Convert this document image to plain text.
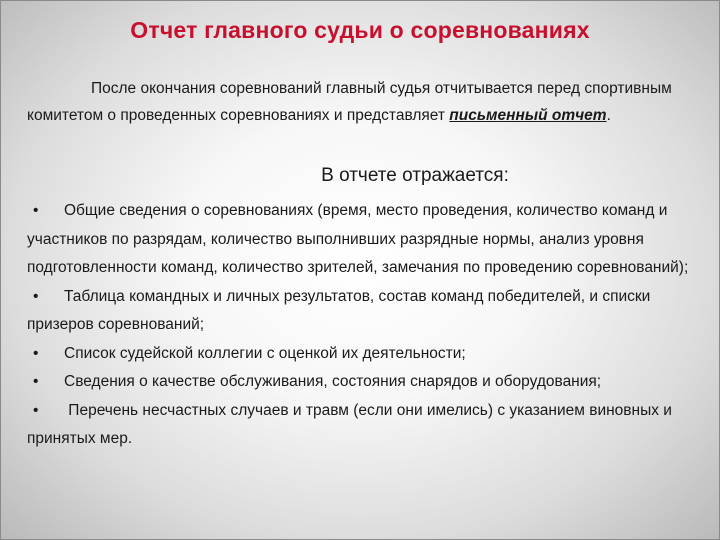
Отчет главного судьи о соревнованиях
После окончания соревнований главный судья отчитывается перед спортивным комитетом о проведенных соревнованиях и представляет письменный отчет.
В отчете отражается:
• Общие сведения о соревнованиях (время, место проведения, количество команд и участников по разрядам, количество выполнивших разрядные нормы, анализ уровня подготовленности команд, количество зрителей, замечания по проведению соревнований);
• Таблица командных и личных результатов, состав команд победителей, и списки призеров соревнований;
• Список судейской коллегии с оценкой их деятельности;
• Сведения о качестве обслуживания, состояния снарядов и оборудования;
• Перечень несчастных случаев и травм (если они имелись) с указанием виновных и принятых мер.
